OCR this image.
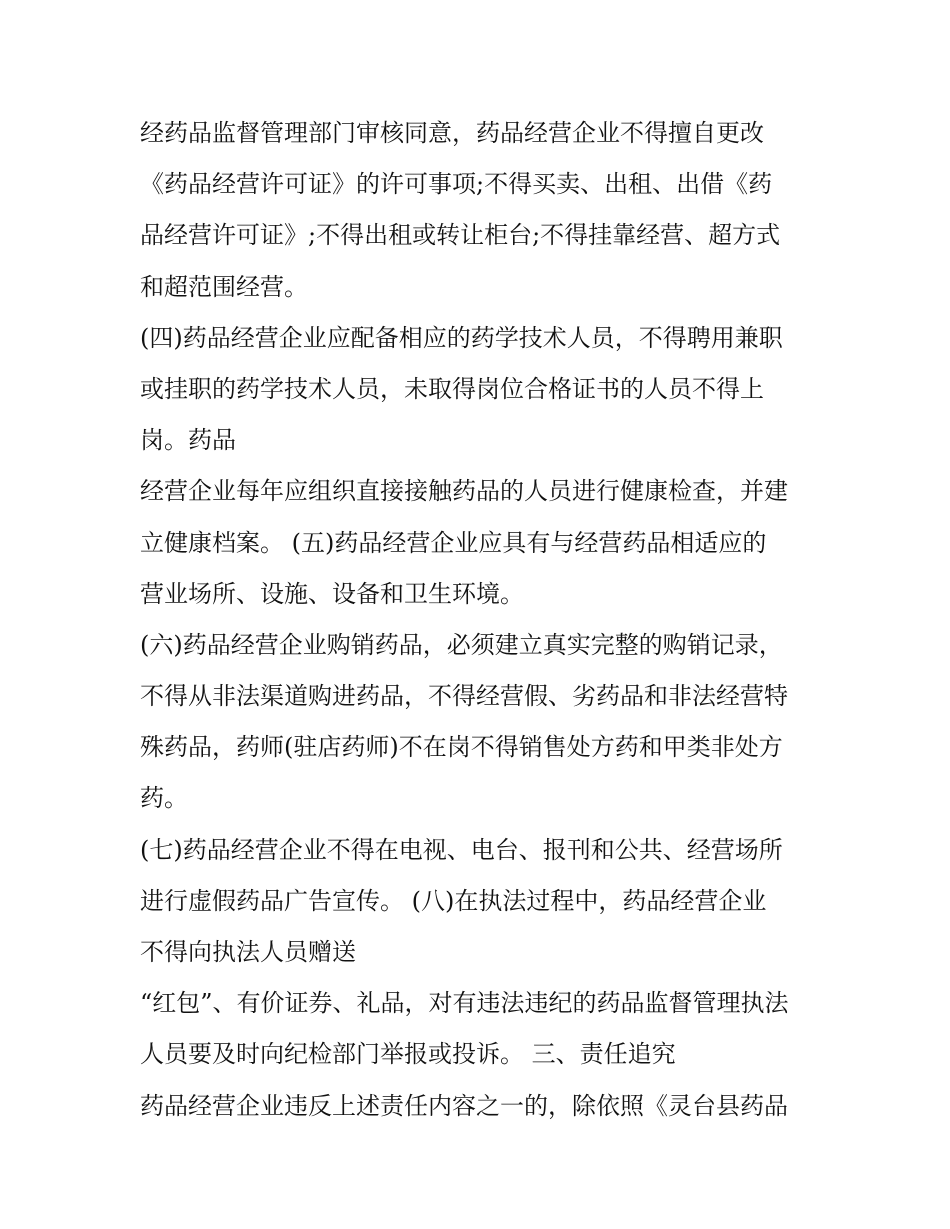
经药品监督管理部门审核同意，药品经营企业不得擅自更改
《药品经营许可证》的许可事项;不得买卖、出租、出借《药
品经营许可证》;不得出租或转让柜台;不得挂靠经营、超方式
和超范围经营。
(四)药品经营企业应配备相应的药学技术人员，不得聘用兼职
或挂职的药学技术人员，未取得岗位合格证书的人员不得上
岗。药品
经营企业每年应组织直接接触药品的人员进行健康检查，并建
立健康档案。 (五)药品经营企业应具有与经营药品相适应的
营业场所、设施、设备和卫生环境。
(六)药品经营企业购销药品，必须建立真实完整的购销记录，
不得从非法渠道购进药品，不得经营假、劣药品和非法经营特
殊药品，药师(驻店药师)不在岗不得销售处方药和甲类非处方
药。
(七)药品经营企业不得在电视、电台、报刊和公共、经营场所
进行虚假药品广告宣传。 (八)在执法过程中，药品经营企业
不得向执法人员赠送
“红包”、有价证券、礼品，对有违法违纪的药品监督管理执法
人员要及时向纪检部门举报或投诉。 三、责任追究
药品经营企业违反上述责任内容之一的，除依照《灵台县药品
